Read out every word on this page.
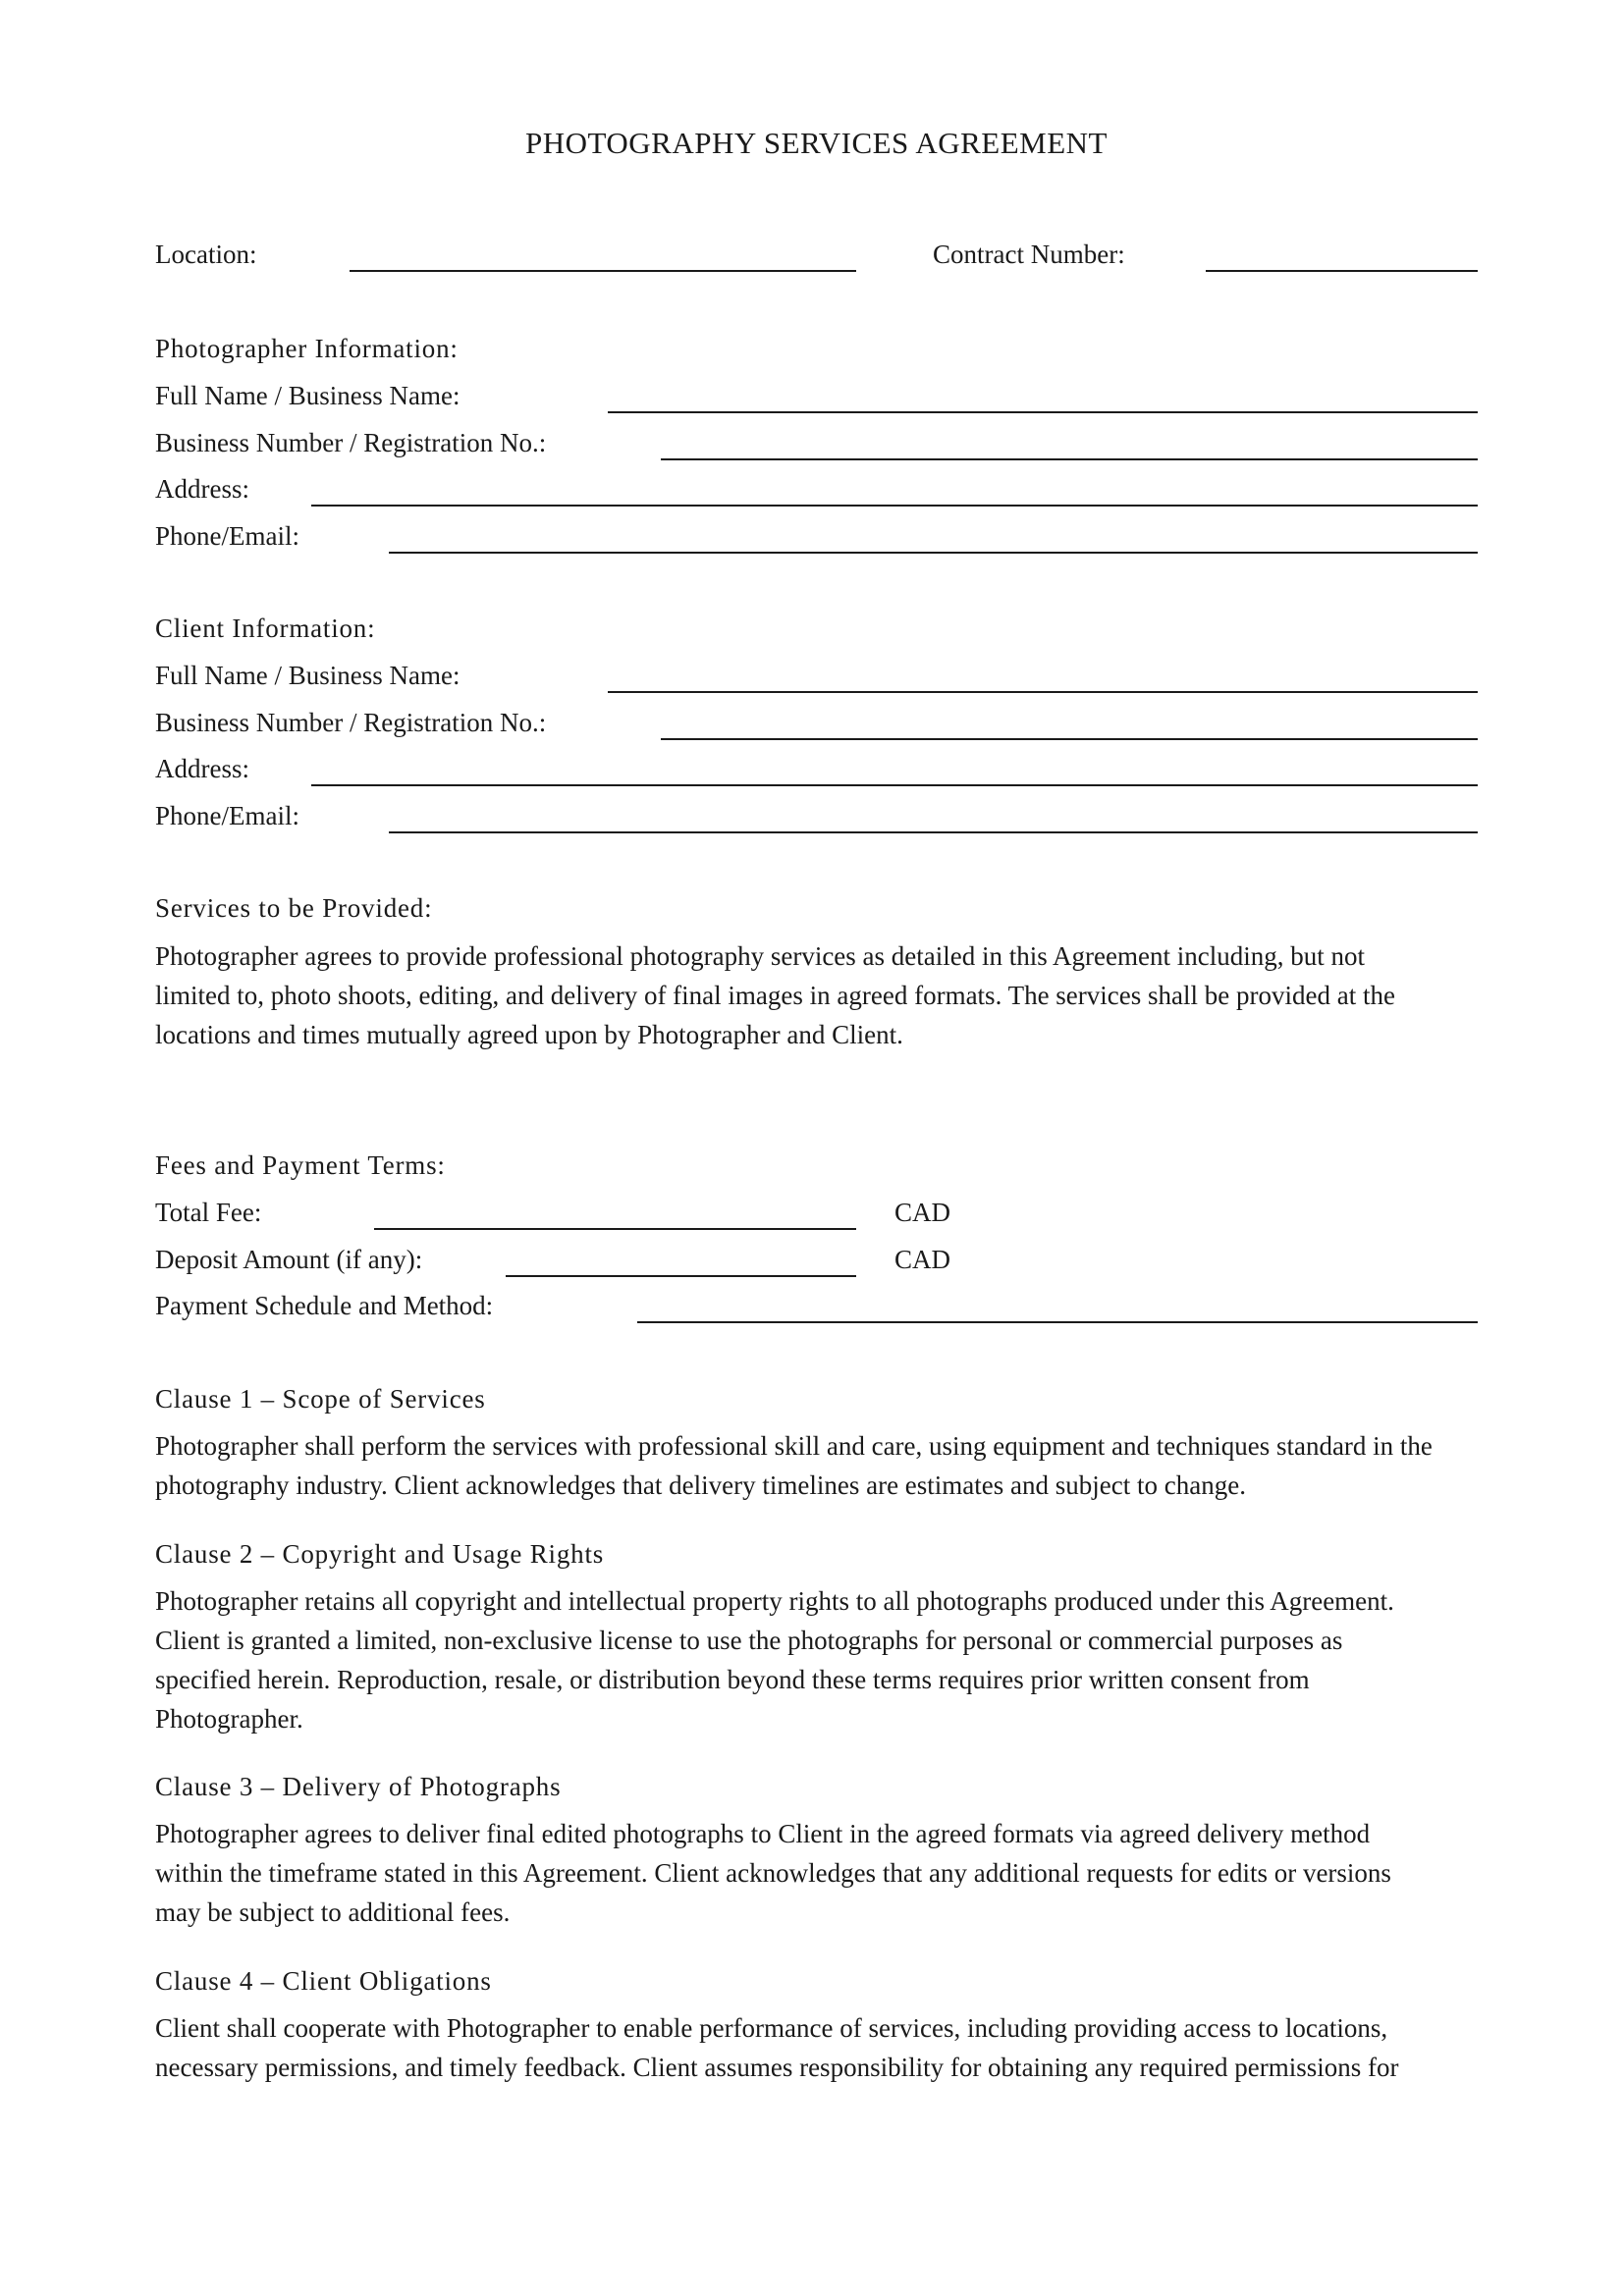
PHOTOGRAPHY SERVICES AGREEMENT
Location:	Contract Number:
Photographer Information:
Full Name / Business Name:
Business Number / Registration No.:
Address:
Phone/Email:
Client Information:
Full Name / Business Name:
Business Number / Registration No.:
Address:
Phone/Email:
Services to be Provided:
Photographer agrees to provide professional photography services as detailed in this Agreement including, but not
limited to, photo shoots, editing, and delivery of final images in agreed formats. The services shall be provided at the
locations and times mutually agreed upon by Photographer and Client.
Fees and Payment Terms:
Total Fee:	CAD
Deposit Amount (if any):	CAD
Payment Schedule and Method:
Clause 1 – Scope of Services
Photographer shall perform the services with professional skill and care, using equipment and techniques standard in the
photography industry. Client acknowledges that delivery timelines are estimates and subject to change.
Clause 2 – Copyright and Usage Rights
Photographer retains all copyright and intellectual property rights to all photographs produced under this Agreement.
Client is granted a limited, non-exclusive license to use the photographs for personal or commercial purposes as
specified herein. Reproduction, resale, or distribution beyond these terms requires prior written consent from
Photographer.
Clause 3 – Delivery of Photographs
Photographer agrees to deliver final edited photographs to Client in the agreed formats via agreed delivery method
within the timeframe stated in this Agreement. Client acknowledges that any additional requests for edits or versions
may be subject to additional fees.
Clause 4 – Client Obligations
Client shall cooperate with Photographer to enable performance of services, including providing access to locations,
necessary permissions, and timely feedback. Client assumes responsibility for obtaining any required permissions for
